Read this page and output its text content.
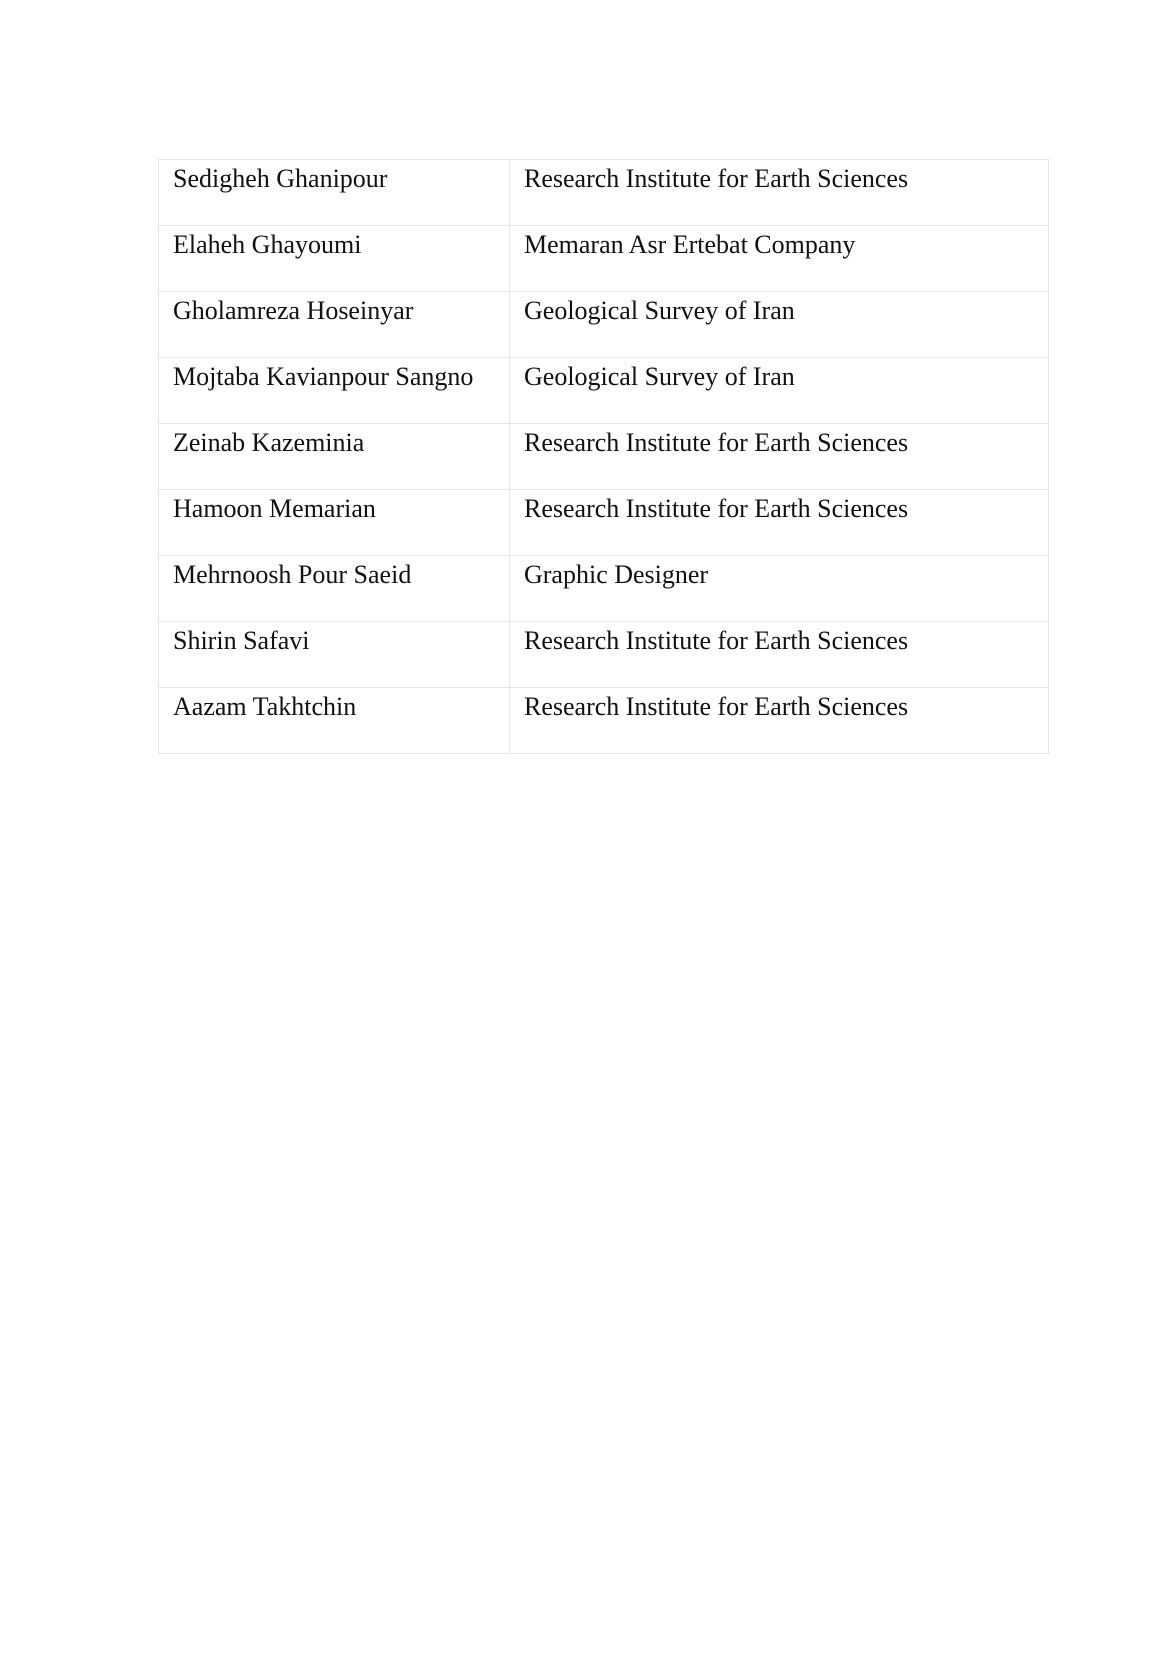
Sedigheh Ghanipour	Research Institute for Earth Sciences
Elaheh Ghayoumi	Memaran Asr Ertebat Company
Gholamreza Hoseinyar	Geological Survey of Iran
Mojtaba Kavianpour Sangno	Geological Survey of Iran
Zeinab Kazeminia	Research Institute for Earth Sciences
Hamoon Memarian	Research Institute for Earth Sciences
Mehrnoosh Pour Saeid	Graphic Designer
Shirin Safavi	Research Institute for Earth Sciences
Aazam Takhtchin	Research Institute for Earth Sciences
